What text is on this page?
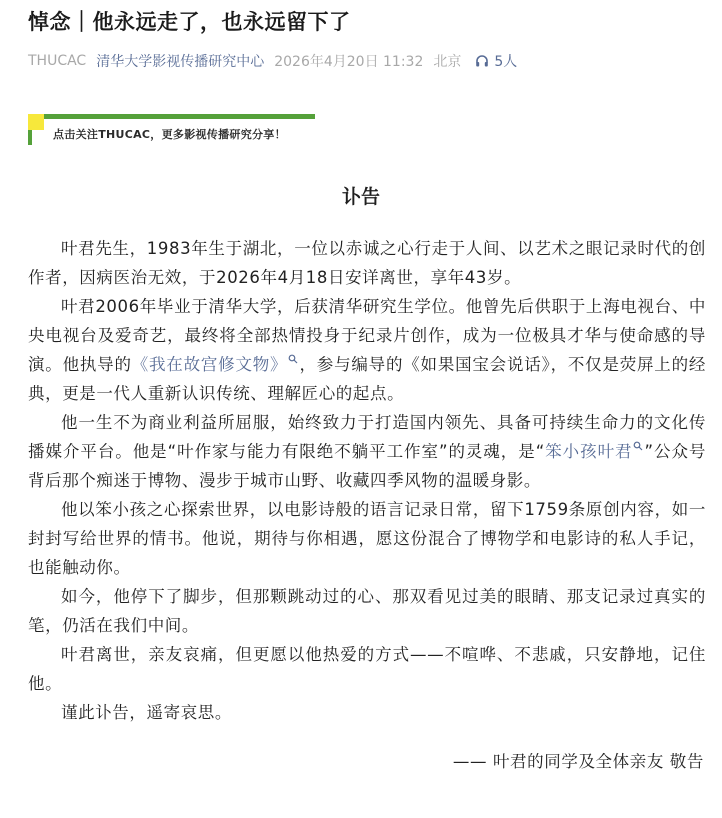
悼念｜他永远走了，也永远留下了
THUCAC 清华大学影视传播研究中心 2026年4月20日 11:32 北京 5人
点击关注THUCAC，更多影视传播研究分享！
讣告

叶君先生，1983年生于湖北，一位以赤诚之心行走于人间、以艺术之眼记录时代的创作者，因病医治无效，于2026年4月18日安详离世，享年43岁。

叶君2006年毕业于清华大学，后获清华研究生学位。他曾先后供职于上海电视台、中央电视台及爱奇艺，最终将全部热情投身于纪录片创作，成为一位极具才华与使命感的导演。他执导的《我在故宫修文物》 ，参与编导的《如果国宝会说话》，不仅是荧屏上的经典，更是一代人重新认识传统、理解匠心的起点。

他一生不为商业利益所屈服，始终致力于打造国内领先、具备可持续生命力的文化传播媒介平台。他是“叶作家与能力有限绝不躺平工作室”的灵魂，是“笨小孩叶君 ”公众号背后那个痴迷于博物、漫步于城市山野、收藏四季风物的温暖身影。

他以笨小孩之心探索世界，以电影诗般的语言记录日常，留下1759条原创内容，如一封封写给世界的情书。他说，期待与你相遇，愿这份混合了博物学和电影诗的私人手记，也能触动你。

如今，他停下了脚步，但那颗跳动过的心、那双看见过美的眼睛、那支记录过真实的笔，仍活在我们中间。

叶君离世，亲友哀痛，但更愿以他热爱的方式——不喧哗、不悲戚，只安静地，记住他。

谨此讣告，遥寄哀思。

—— 叶君的同学及全体亲友 敬告
